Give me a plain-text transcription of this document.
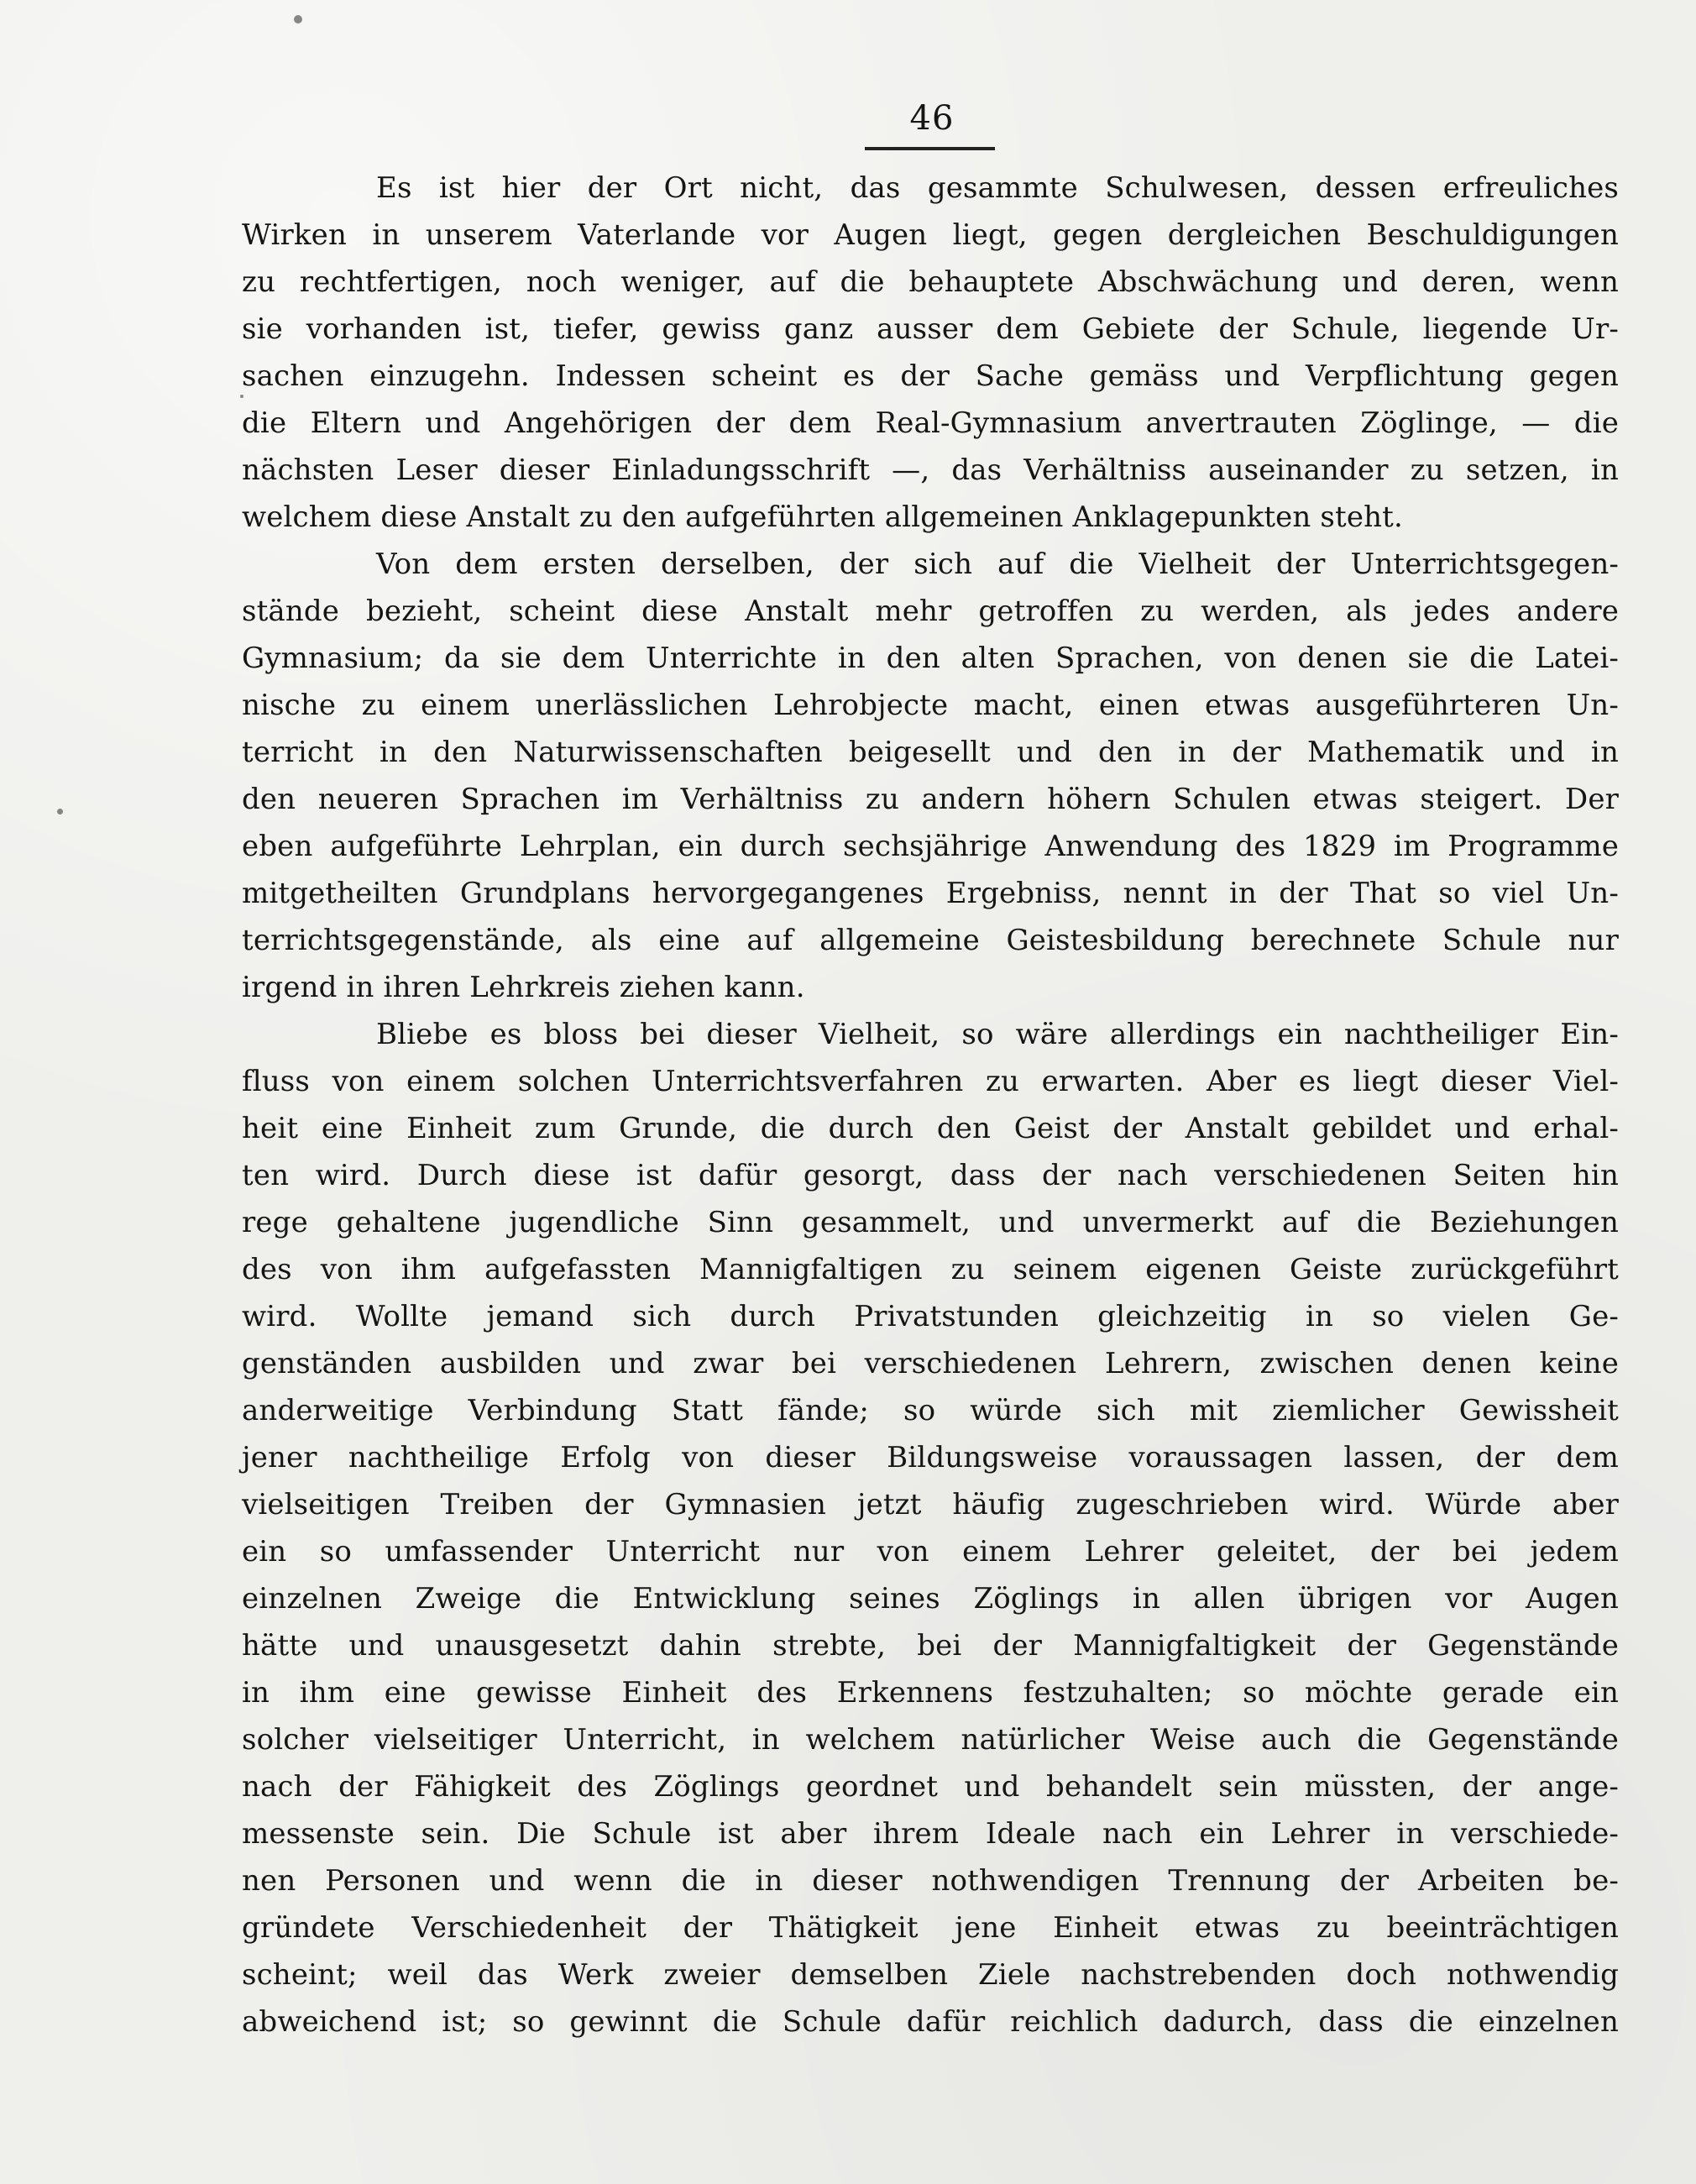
46
Es ist hier der Ort nicht, das gesammte Schulwesen, dessen erfreuliches
Wirken in unserem Vaterlande vor Augen liegt, gegen dergleichen Beschuldigungen
zu rechtfertigen, noch weniger, auf die behauptete Abschwächung und deren, wenn
sie vorhanden ist, tiefer, gewiss ganz ausser dem Gebiete der Schule, liegende Ur-
sachen einzugehn. Indessen scheint es der Sache gemäss und Verpflichtung gegen
die Eltern und Angehörigen der dem Real-Gymnasium anvertrauten Zöglinge, — die
nächsten Leser dieser Einladungsschrift —, das Verhältniss auseinander zu setzen, in
welchem diese Anstalt zu den aufgeführten allgemeinen Anklagepunkten steht.
Von dem ersten derselben, der sich auf die Vielheit der Unterrichtsgegen-
stände bezieht, scheint diese Anstalt mehr getroffen zu werden, als jedes andere
Gymnasium; da sie dem Unterrichte in den alten Sprachen, von denen sie die Latei-
nische zu einem unerlässlichen Lehrobjecte macht, einen etwas ausgeführteren Un-
terricht in den Naturwissenschaften beigesellt und den in der Mathematik und in
den neueren Sprachen im Verhältniss zu andern höhern Schulen etwas steigert. Der
eben aufgeführte Lehrplan, ein durch sechsjährige Anwendung des 1829 im Programme
mitgetheilten Grundplans hervorgegangenes Ergebniss, nennt in der That so viel Un-
terrichtsgegenstände, als eine auf allgemeine Geistesbildung berechnete Schule nur
irgend in ihren Lehrkreis ziehen kann.
Bliebe es bloss bei dieser Vielheit, so wäre allerdings ein nachtheiliger Ein-
fluss von einem solchen Unterrichtsverfahren zu erwarten. Aber es liegt dieser Viel-
heit eine Einheit zum Grunde, die durch den Geist der Anstalt gebildet und erhal-
ten wird. Durch diese ist dafür gesorgt, dass der nach verschiedenen Seiten hin
rege gehaltene jugendliche Sinn gesammelt, und unvermerkt auf die Beziehungen
des von ihm aufgefassten Mannigfaltigen zu seinem eigenen Geiste zurückgeführt
wird. Wollte jemand sich durch Privatstunden gleichzeitig in so vielen Ge-
genständen ausbilden und zwar bei verschiedenen Lehrern, zwischen denen keine
anderweitige Verbindung Statt fände; so würde sich mit ziemlicher Gewissheit
jener nachtheilige Erfolg von dieser Bildungsweise voraussagen lassen, der dem
vielseitigen Treiben der Gymnasien jetzt häufig zugeschrieben wird. Würde aber
ein so umfassender Unterricht nur von einem Lehrer geleitet, der bei jedem
einzelnen Zweige die Entwicklung seines Zöglings in allen übrigen vor Augen
hätte und unausgesetzt dahin strebte, bei der Mannigfaltigkeit der Gegenstände
in ihm eine gewisse Einheit des Erkennens festzuhalten; so möchte gerade ein
solcher vielseitiger Unterricht, in welchem natürlicher Weise auch die Gegenstände
nach der Fähigkeit des Zöglings geordnet und behandelt sein müssten, der ange-
messenste sein. Die Schule ist aber ihrem Ideale nach ein Lehrer in verschiede-
nen Personen und wenn die in dieser nothwendigen Trennung der Arbeiten be-
gründete Verschiedenheit der Thätigkeit jene Einheit etwas zu beeinträchtigen
scheint; weil das Werk zweier demselben Ziele nachstrebenden doch nothwendig
abweichend ist; so gewinnt die Schule dafür reichlich dadurch, dass die einzelnen
